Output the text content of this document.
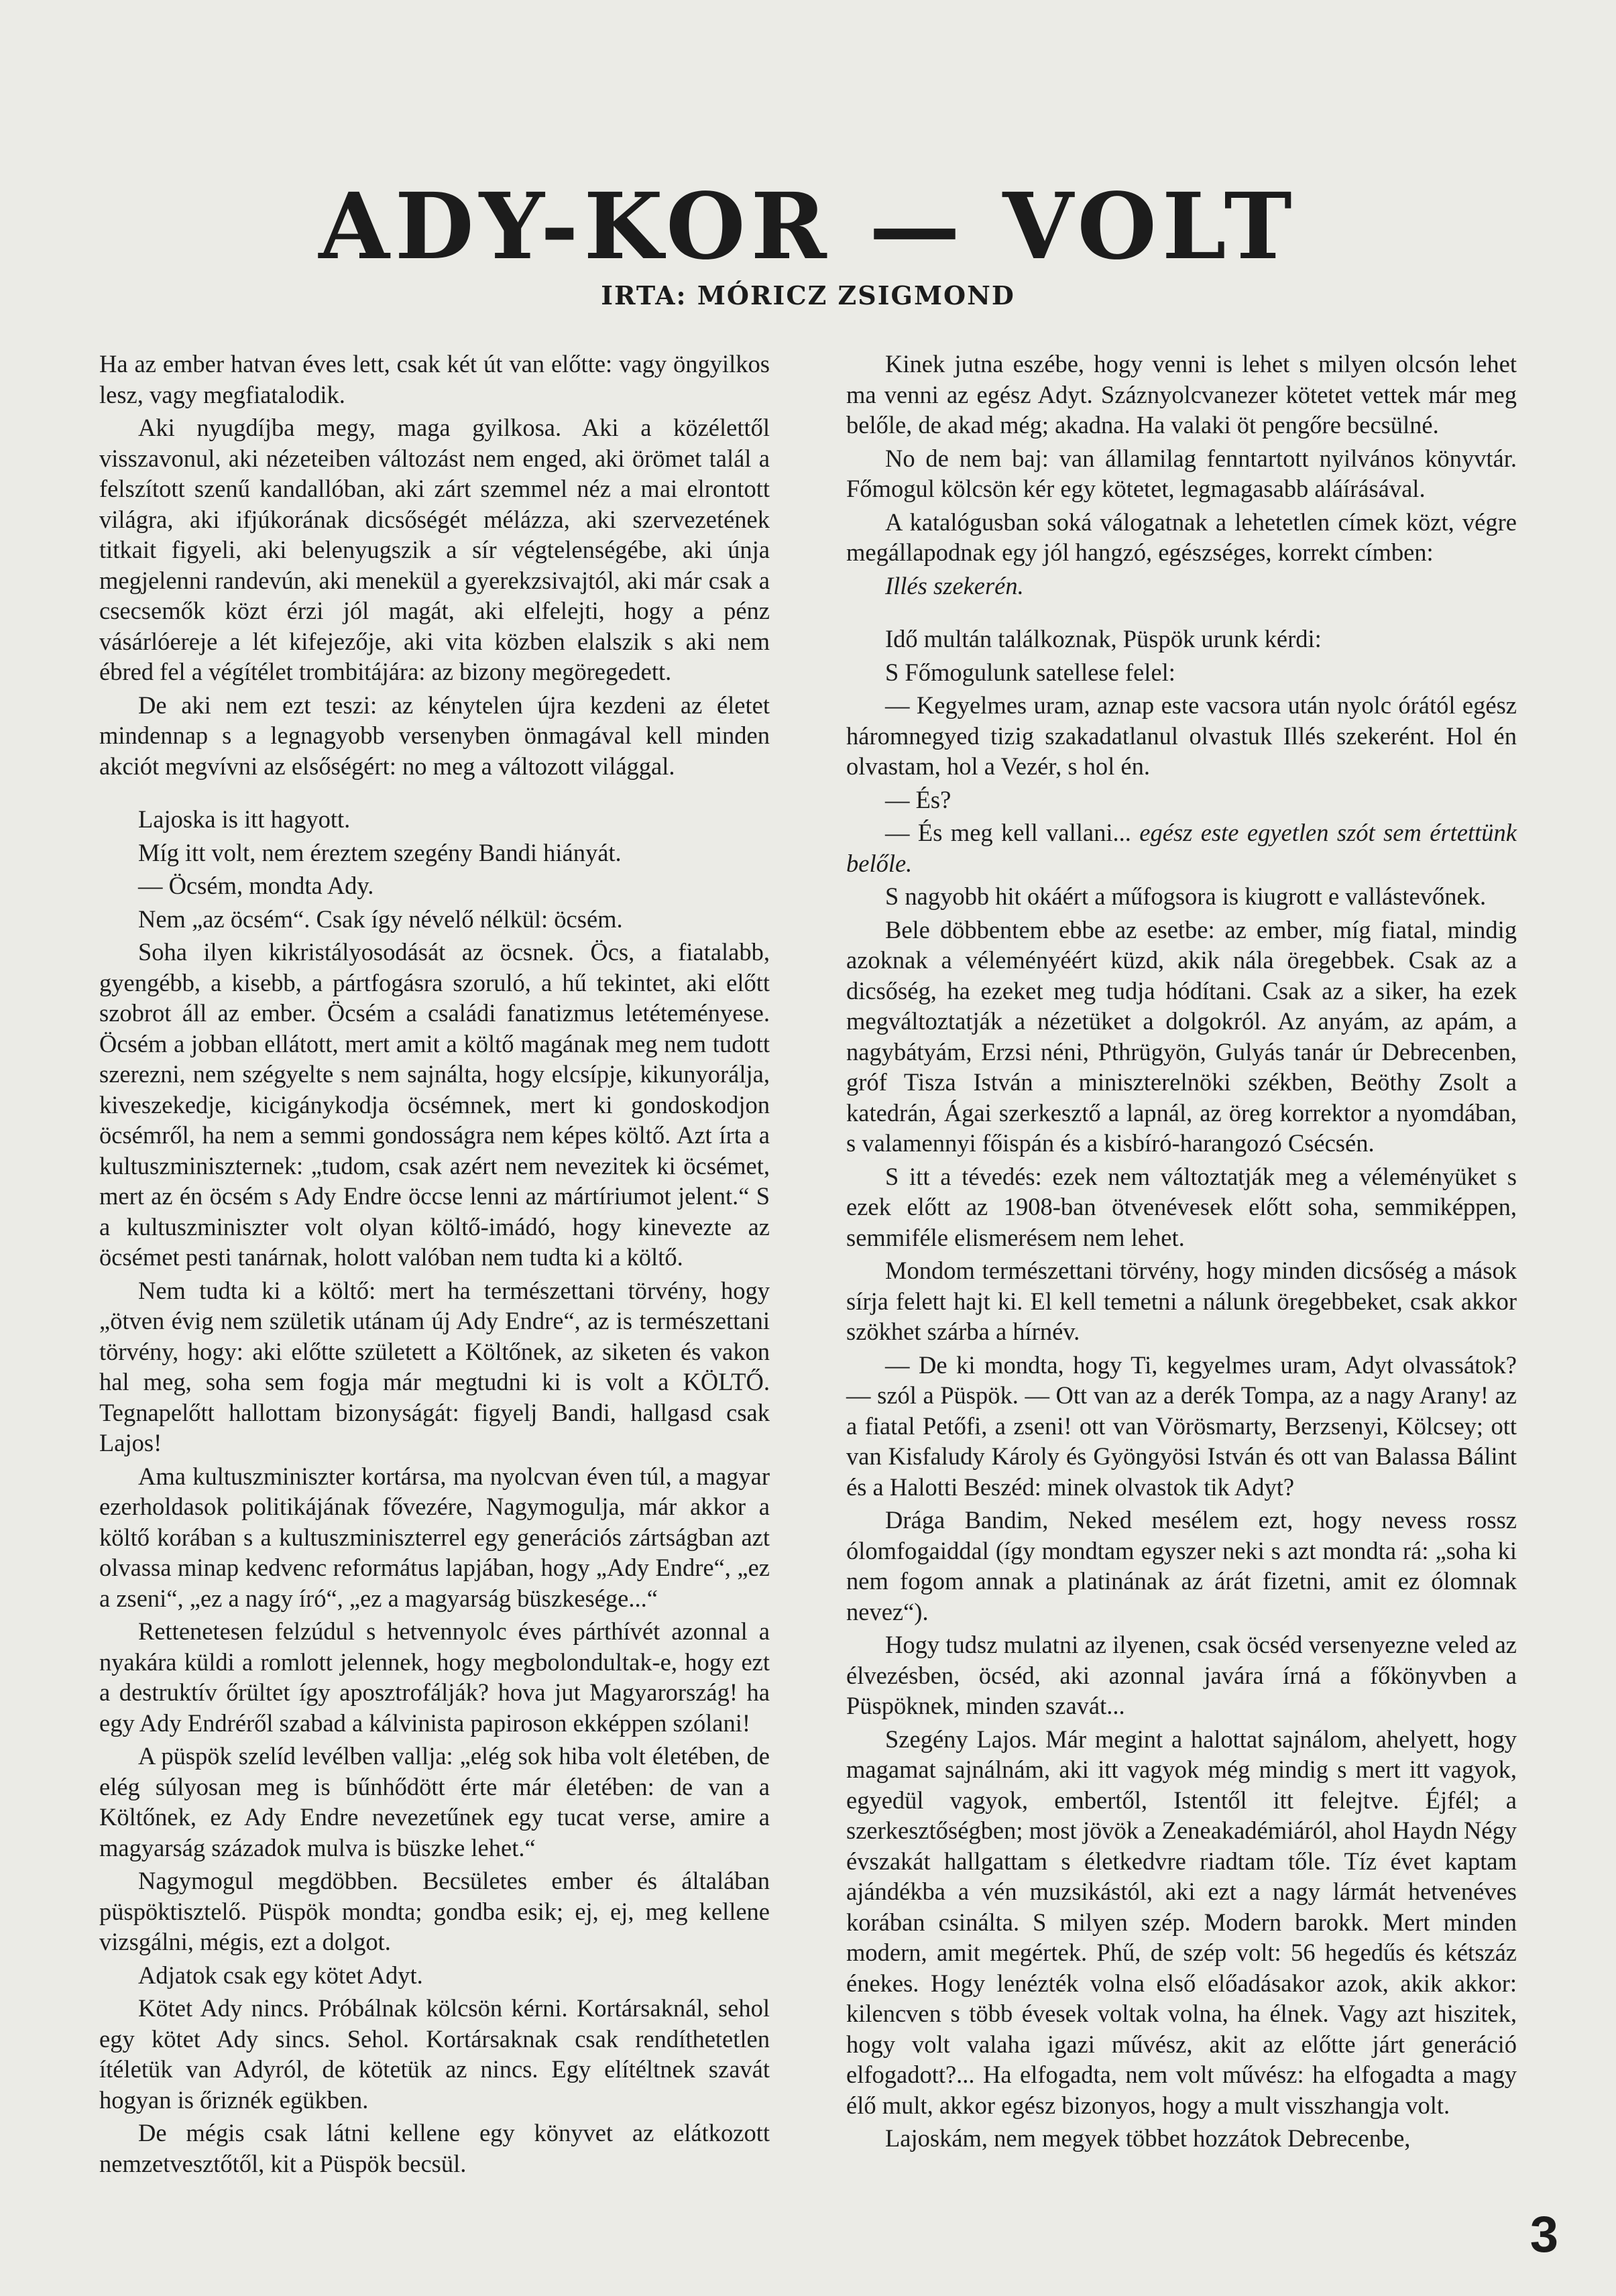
ADY-KOR — VOLT

IRTA: MÓRICZ ZSIGMOND

Ha az ember hatvan éves lett, csak két út van előtte: vagy öngyilkos lesz, vagy megfiatalodik.

Aki nyugdíjba megy, maga gyilkosa. Aki a közélettől visszavonul, aki nézeteiben változást nem enged, aki örömet talál a felszított szenű kandallóban, aki zárt szemmel néz a mai elrontott világra, aki ifjúkorának dicsőségét mélázza, aki szervezetének titkait figyeli, aki belenyugszik a sír végtelenségébe, aki únja megjelenni randevún, aki menekül a gyerekzsivajtól, aki már csak a csecsemők közt érzi jól magát, aki elfelejti, hogy a pénz vásárlóereje a lét kifejezője, aki vita közben elalszik s aki nem ébred fel a végítélet trombitájára: az bizony megöregedett.

De aki nem ezt teszi: az kénytelen újra kezdeni az életet mindennap s a legnagyobb versenyben önmagával kell minden akciót megvívni az elsőségért: no meg a változott világgal.

Lajoska is itt hagyott.

Míg itt volt, nem éreztem szegény Bandi hiányát.

— Öcsém, mondta Ady.

Nem „az öcsém“. Csak így névelő nélkül: öcsém.

Soha ilyen kikristályosodását az öcsnek. Öcs, a fiatalabb, gyengébb, a kisebb, a pártfogásra szoruló, a hű tekintet, aki előtt szobrot áll az ember. Öcsém a családi fanatizmus letéteményese. Öcsém a jobban ellátott, mert amit a költő magának meg nem tudott szerezni, nem szégyelte s nem sajnálta, hogy elcsípje, kikunyorálja, kiveszekedje, kicigánykodja öcsémnek, mert ki gondoskodjon öcsémről, ha nem a semmi gondosságra nem képes költő. Azt írta a kultuszminiszternek: „tudom, csak azért nem nevezitek ki öcsémet, mert az én öcsém s Ady Endre öccse lenni az mártíriumot jelent.“ S a kultuszminiszter volt olyan költő-imádó, hogy kinevezte az öcsémet pesti tanárnak, holott valóban nem tudta ki a költő.

Nem tudta ki a költő: mert ha természettani törvény, hogy „ötven évig nem születik utánam új Ady Endre“, az is természettani törvény, hogy: aki előtte született a Költőnek, az siketen és vakon hal meg, soha sem fogja már megtudni ki is volt a KÖLTŐ. Tegnapelőtt hallottam bizonyságát: figyelj Bandi, hallgasd csak Lajos!

Ama kultuszminiszter kortársa, ma nyolcvan éven túl, a magyar ezerholdasok politikájának fővezére, Nagymogulja, már akkor a költő korában s a kultuszminiszterrel egy generációs zártságban azt olvassa minap kedvenc református lapjában, hogy „Ady Endre“, „ez a zseni“, „ez a nagy író“, „ez a magyarság büszkesége...“

Rettenetesen felzúdul s hetvennyolc éves párthívét azonnal a nyakára küldi a romlott jelennek, hogy megbolondultak-e, hogy ezt a destruktív őrültet így aposztrofálják? hova jut Magyarország! ha egy Ady Endréről szabad a kálvinista papiroson ekképpen szólani!

A püspök szelíd levélben vallja: „elég sok hiba volt életében, de elég súlyosan meg is bűnhődött érte már életében: de van a Költőnek, ez Ady Endre nevezetűnek egy tucat verse, amire a magyarság századok mulva is büszke lehet.“

Nagymogul megdöbben. Becsületes ember és általában püspöktisztelő. Püspök mondta; gondba esik; ej, ej, meg kellene vizsgálni, mégis, ezt a dolgot.

Adjatok csak egy kötet Adyt.

Kötet Ady nincs. Próbálnak kölcsön kérni. Kortársaknál, sehol egy kötet Ady sincs. Sehol. Kortársaknak csak rendíthetetlen ítéletük van Adyról, de kötetük az nincs. Egy elítéltnek szavát hogyan is őriznék egükben.

De mégis csak látni kellene egy könyvet az elátkozott nemzetvesztőtől, kit a Püspök becsül.

Kinek jutna eszébe, hogy venni is lehet s milyen olcsón lehet ma venni az egész Adyt. Száznyolcvanezer kötetet vettek már meg belőle, de akad még; akadna. Ha valaki öt pengőre becsülné.

No de nem baj: van államilag fenntartott nyilvános könyvtár. Főmogul kölcsön kér egy kötetet, legmagasabb aláírásával.

A katalógusban soká válogatnak a lehetetlen címek közt, végre megállapodnak egy jól hangzó, egészséges, korrekt címben:

Illés szekerén.

Idő multán találkoznak, Püspök urunk kérdi:

S Főmogulunk satellese felel:

— Kegyelmes uram, aznap este vacsora után nyolc órától egész háromnegyed tizig szakadatlanul olvastuk Illés szekerént. Hol én olvastam, hol a Vezér, s hol én.

— És?

— És meg kell vallani... egész este egyetlen szót sem értettünk belőle.

S nagyobb hit okáért a műfogsora is kiugrott e vallástevőnek.

Bele döbbentem ebbe az esetbe: az ember, míg fiatal, mindig azoknak a véleményéért küzd, akik nála öregebbek. Csak az a dicsőség, ha ezeket meg tudja hódítani. Csak az a siker, ha ezek megváltoztatják a nézetüket a dolgokról. Az anyám, az apám, a nagybátyám, Erzsi néni, Pthrügyön, Gulyás tanár úr Debrecenben, gróf Tisza István a miniszterelnöki székben, Beöthy Zsolt a katedrán, Ágai szerkesztő a lapnál, az öreg korrektor a nyomdában, s valamennyi főispán és a kisbíró-harangozó Csécsén.

S itt a tévedés: ezek nem változtatják meg a véleményüket s ezek előtt az 1908-ban ötvenévesek előtt soha, semmiképpen, semmiféle elismerésem nem lehet.

Mondom természettani törvény, hogy minden dicsőség a mások sírja felett hajt ki. El kell temetni a nálunk öregebbeket, csak akkor szökhet szárba a hírnév.

— De ki mondta, hogy Ti, kegyelmes uram, Adyt olvassátok? — szól a Püspök. — Ott van az a derék Tompa, az a nagy Arany! az a fiatal Petőfi, a zseni! ott van Vörösmarty, Berzsenyi, Kölcsey; ott van Kisfaludy Károly és Gyöngyösi István és ott van Balassa Bálint és a Halotti Beszéd: minek olvastok tik Adyt?

Drága Bandim, Neked mesélem ezt, hogy nevess rossz ólomfogaiddal (így mondtam egyszer neki s azt mondta rá: „soha ki nem fogom annak a platinának az árát fizetni, amit ez ólomnak nevez“).

Hogy tudsz mulatni az ilyenen, csak öcséd versenyezne veled az élvezésben, öcséd, aki azonnal javára írná a főkönyvben a Püspöknek, minden szavát...

Szegény Lajos. Már megint a halottat sajnálom, ahelyett, hogy magamat sajnálnám, aki itt vagyok még mindig s mert itt vagyok, egyedül vagyok, embertől, Istentől itt felejtve. Éjfél; a szerkesztőségben; most jövök a Zeneakadémiáról, ahol Haydn Négy évszakát hallgattam s életkedvre riadtam tőle. Tíz évet kaptam ajándékba a vén muzsikástól, aki ezt a nagy lármát hetvenéves korában csinálta. S milyen szép. Modern barokk. Mert minden modern, amit megértek. Phű, de szép volt: 56 hegedűs és kétszáz énekes. Hogy lenézték volna első előadásakor azok, akik akkor: kilencven s több évesek voltak volna, ha élnek. Vagy azt hiszitek, hogy volt valaha igazi művész, akit az előtte járt generáció elfogadott?... Ha elfogadta, nem volt művész: ha elfogadta a magy élő mult, akkor egész bizonyos, hogy a mult visszhangja volt.

Lajoskám, nem megyek többet hozzátok Debrecenbe,

3
